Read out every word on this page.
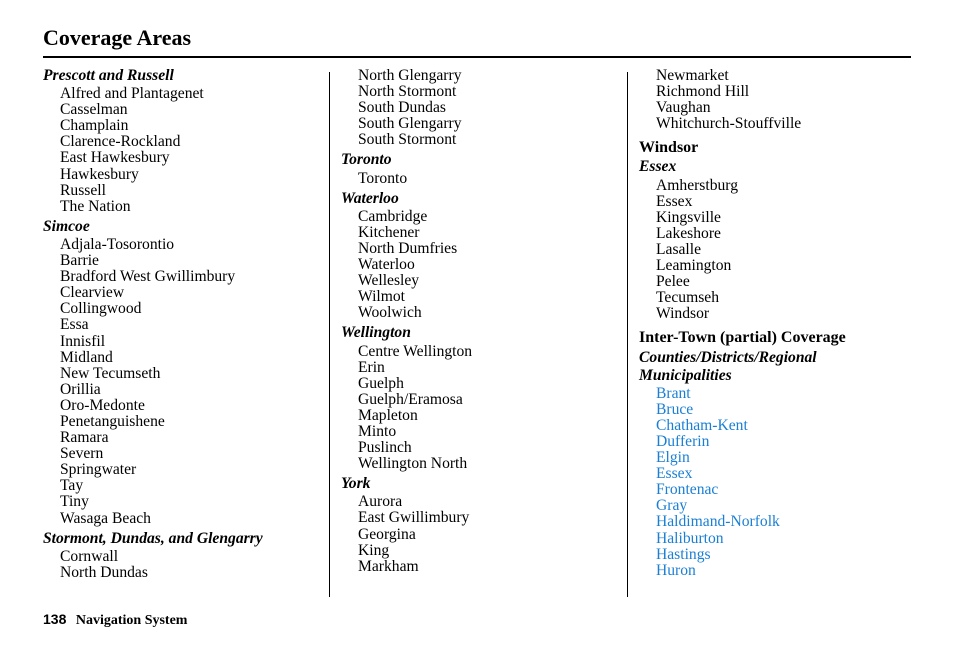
Coverage Areas
Prescott and Russell
Alfred and Plantagenet
Casselman
Champlain
Clarence-Rockland
East Hawkesbury
Hawkesbury
Russell
The Nation
Simcoe
Adjala-Tosorontio
Barrie
Bradford West Gwillimbury
Clearview
Collingwood
Essa
Innisfil
Midland
New Tecumseth
Orillia
Oro-Medonte
Penetanguishene
Ramara
Severn
Springwater
Tay
Tiny
Wasaga Beach
Stormont, Dundas, and Glengarry
Cornwall
North Dundas
North Glengarry
North Stormont
South Dundas
South Glengarry
South Stormont
Toronto
Toronto
Waterloo
Cambridge
Kitchener
North Dumfries
Waterloo
Wellesley
Wilmot
Woolwich
Wellington
Centre Wellington
Erin
Guelph
Guelph/Eramosa
Mapleton
Minto
Puslinch
Wellington North
York
Aurora
East Gwillimbury
Georgina
King
Markham
Newmarket
Richmond Hill
Vaughan
Whitchurch-Stouffville
Windsor
Essex
Amherstburg
Essex
Kingsville
Lakeshore
Lasalle
Leamington
Pelee
Tecumseh
Windsor
Inter-Town (partial) Coverage
Counties/Districts/Regional
Municipalities
Brant
Bruce
Chatham-Kent
Dufferin
Elgin
Essex
Frontenac
Gray
Haldimand-Norfolk
Haliburton
Hastings
Huron
138 Navigation System
